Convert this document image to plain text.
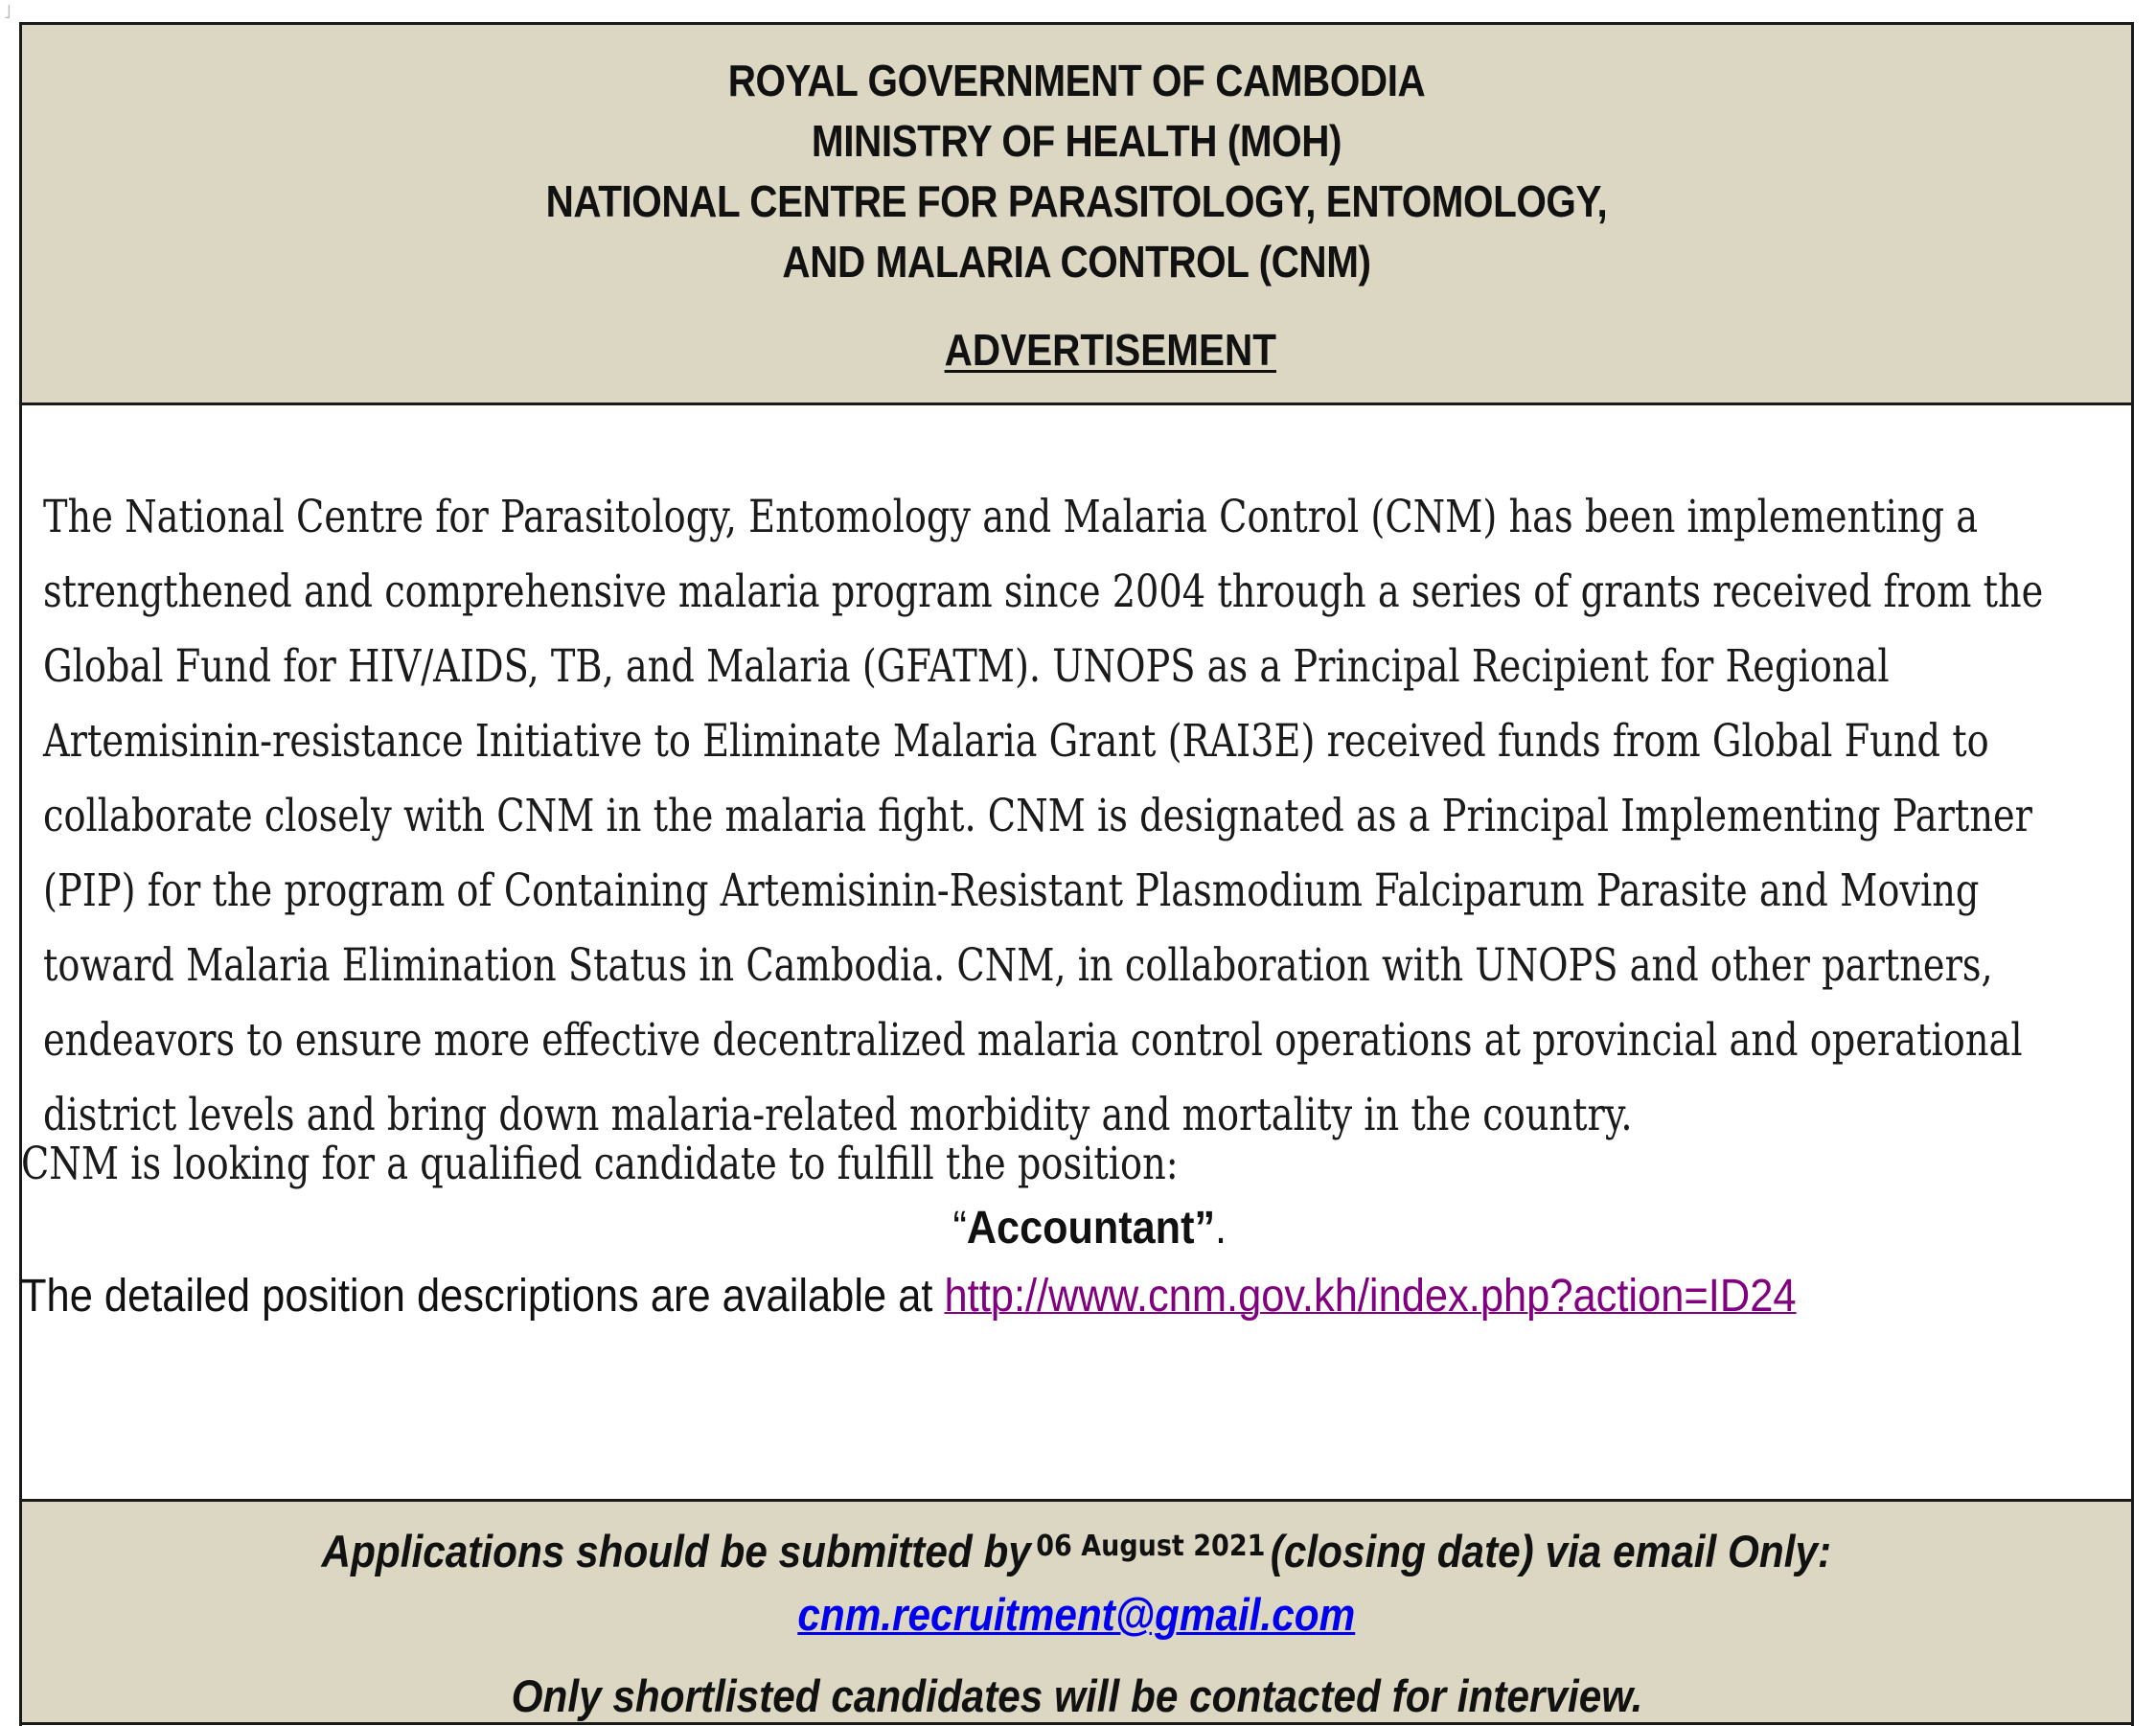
˩
ROYAL GOVERNMENT OF CAMBODIA
MINISTRY OF HEALTH (MOH)
NATIONAL CENTRE FOR PARASITOLOGY, ENTOMOLOGY,
AND MALARIA CONTROL (CNM)
ADVERTISEMENT

The National Centre for Parasitology, Entomology and Malaria Control (CNM) has been implementing a strengthened and comprehensive malaria program since 2004 through a series of grants received from the Global Fund for HIV/AIDS, TB, and Malaria (GFATM). UNOPS as a Principal Recipient for Regional Artemisinin-resistance Initiative to Eliminate Malaria Grant (RAI3E) received funds from Global Fund to collaborate closely with CNM in the malaria fight. CNM is designated as a Principal Implementing Partner (PIP) for the program of Containing Artemisinin-Resistant Plasmodium Falciparum Parasite and Moving toward Malaria Elimination Status in Cambodia. CNM, in collaboration with UNOPS and other partners, endeavors to ensure more effective decentralized malaria control operations at provincial and operational district levels and bring down malaria-related morbidity and mortality in the country.

CNM is looking for a qualified candidate to fulfill the position:

“Accountant”.
The detailed position descriptions are available at http://www.cnm.gov.kh/index.php?action=ID24
Applications should be submitted by $^{06 August 2021}$ (closing date) via email Only:
cnm.recruitment@gmail.com
Only shortlisted candidates will be contacted for interview.
